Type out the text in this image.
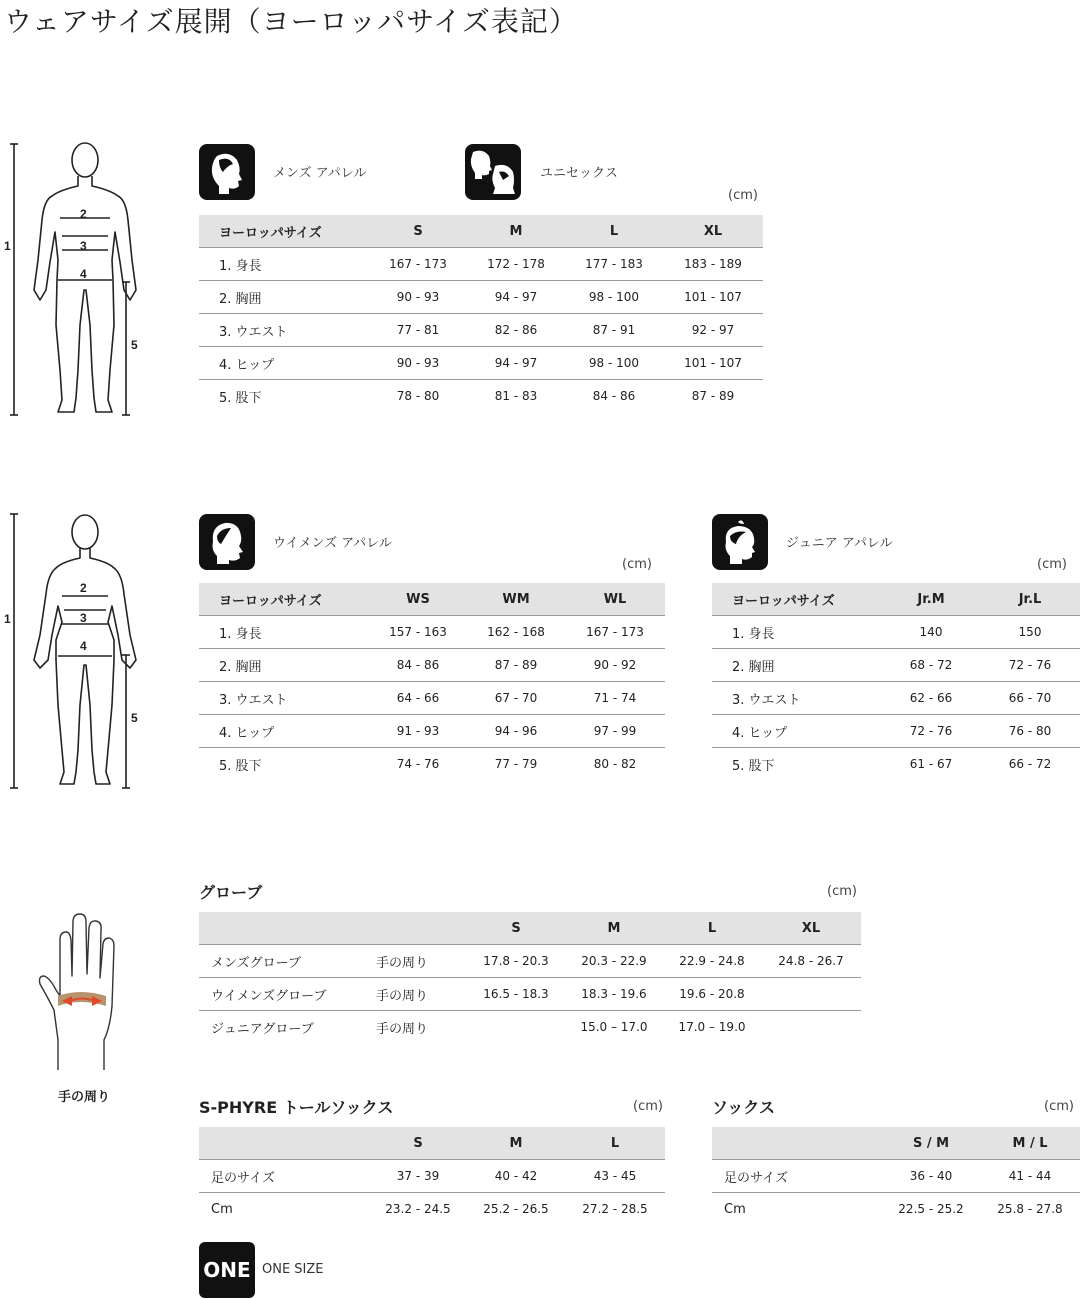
ウェアサイズ展開（ヨーロッパサイズ表記）
1
2
3
4
5
1
2
3
4
5
メンズ アパレル	ユニセックス
(cm)
ヨーロッパサイズ	S	M	L	XL
1. 身長	167 - 173	172 - 178	177 - 183	183 - 189
2. 胸囲	90 - 93	94 - 97	98 - 100	101 - 107
3. ウエスト	77 - 81	82 - 86	87 - 91	92 - 97
4. ヒップ	90 - 93	94 - 97	98 - 100	101 - 107
5. 股下	78 - 80	81 - 83	84 - 86	87 - 89
ウイメンズ アパレル
(cm)
ヨーロッパサイズ	WS	WM	WL
1. 身長	157 - 163	162 - 168	167 - 173
2. 胸囲	84 - 86	87 - 89	90 - 92
3. ウエスト	64 - 66	67 - 70	71 - 74
4. ヒップ	91 - 93	94 - 96	97 - 99
5. 股下	74 - 76	77 - 79	80 - 82
ジュニア アパレル
(cm)
ヨーロッパサイズ	Jr.M	Jr.L
1. 身長	140	150
2. 胸囲	68 - 72	72 - 76
3. ウエスト	62 - 66	66 - 70
4. ヒップ	72 - 76	76 - 80
5. 股下	61 - 67	66 - 72
手の周り
グローブ	(cm)
		S	M	L	XL
メンズグローブ	手の周り	17.8 - 20.3	20.3 - 22.9	22.9 - 24.8	24.8 - 26.7
ウイメンズグローブ	手の周り	16.5 - 18.3	18.3 - 19.6	19.6 - 20.8	
ジュニアグローブ	手の周り		15.0 – 17.0	17.0 – 19.0	
S-PHYRE トールソックス	(cm)
	S	M	L
足のサイズ	37 - 39	40 - 42	43 - 45
Cm	23.2 - 24.5	25.2 - 26.5	27.2 - 28.5
ソックス	(cm)
	S / M	M / L
足のサイズ	36 - 40	41 - 44
Cm	22.5 - 25.2	25.8 - 27.8
ONE ONE SIZE
